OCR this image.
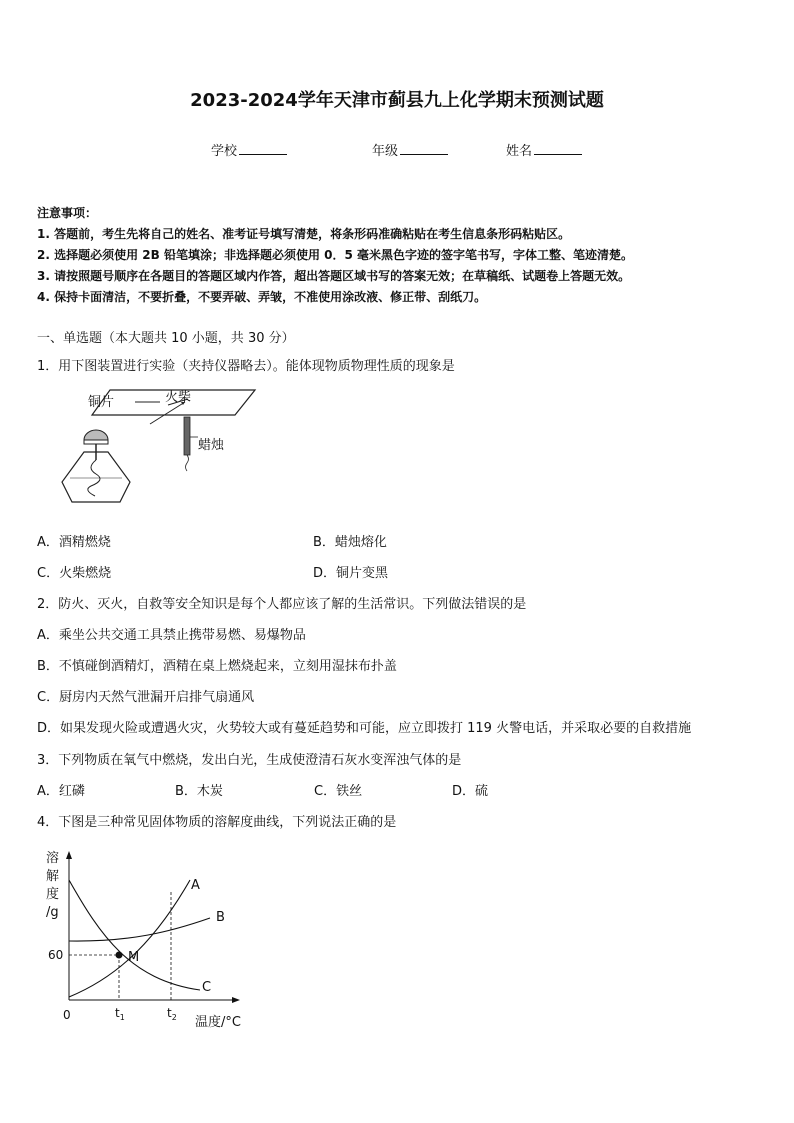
2023-2024学年天津市蓟县九上化学期末预测试题
学校	年级	姓名
注意事项：
1. 答题前，考生先将自己的姓名、准考证号填写清楚，将条形码准确粘贴在考生信息条形码粘贴区。
2. 选择题必须使用 2B 铅笔填涂；非选择题必须使用 0．5 毫米黑色字迹的签字笔书写，字体工整、笔迹清楚。
3. 请按照题号顺序在各题目的答题区域内作答，超出答题区域书写的答案无效；在草稿纸、试题卷上答题无效。
4. 保持卡面清洁，不要折叠，不要弄破、弄皱，不准使用涂改液、修正带、刮纸刀。
一、单选题（本大题共 10 小题，共 30 分）
1．用下图装置进行实验（夹持仪器略去）。能体现物质物理性质的现象是
铜片	火柴
蜡烛
A．酒精燃烧	B．蜡烛熔化
C．火柴燃烧	D．铜片变黑
2．防火、灭火，自救等安全知识是每个人都应该了解的生活常识。下列做法错误的是
A．乘坐公共交通工具禁止携带易燃、易爆物品
B．不慎碰倒酒精灯，酒精在桌上燃烧起来，立刻用湿抹布扑盖
C．厨房内天然气泄漏开启排气扇通风
D．如果发现火险或遭遇火灾，火势较大或有蔓延趋势和可能，应立即拨打 119 火警电话，并采取必要的自救措施
3．下列物质在氧气中燃烧，发出白光，生成使澄清石灰水变浑浊气体的是
A．红磷	B．木炭	C．铁丝	D．硫
4．下图是三种常见固体物质的溶解度曲线，下列说法正确的是
溶
解
度
/g
60
0
M
$t_1$	$t_2$ 温度/°C
A
B
C
